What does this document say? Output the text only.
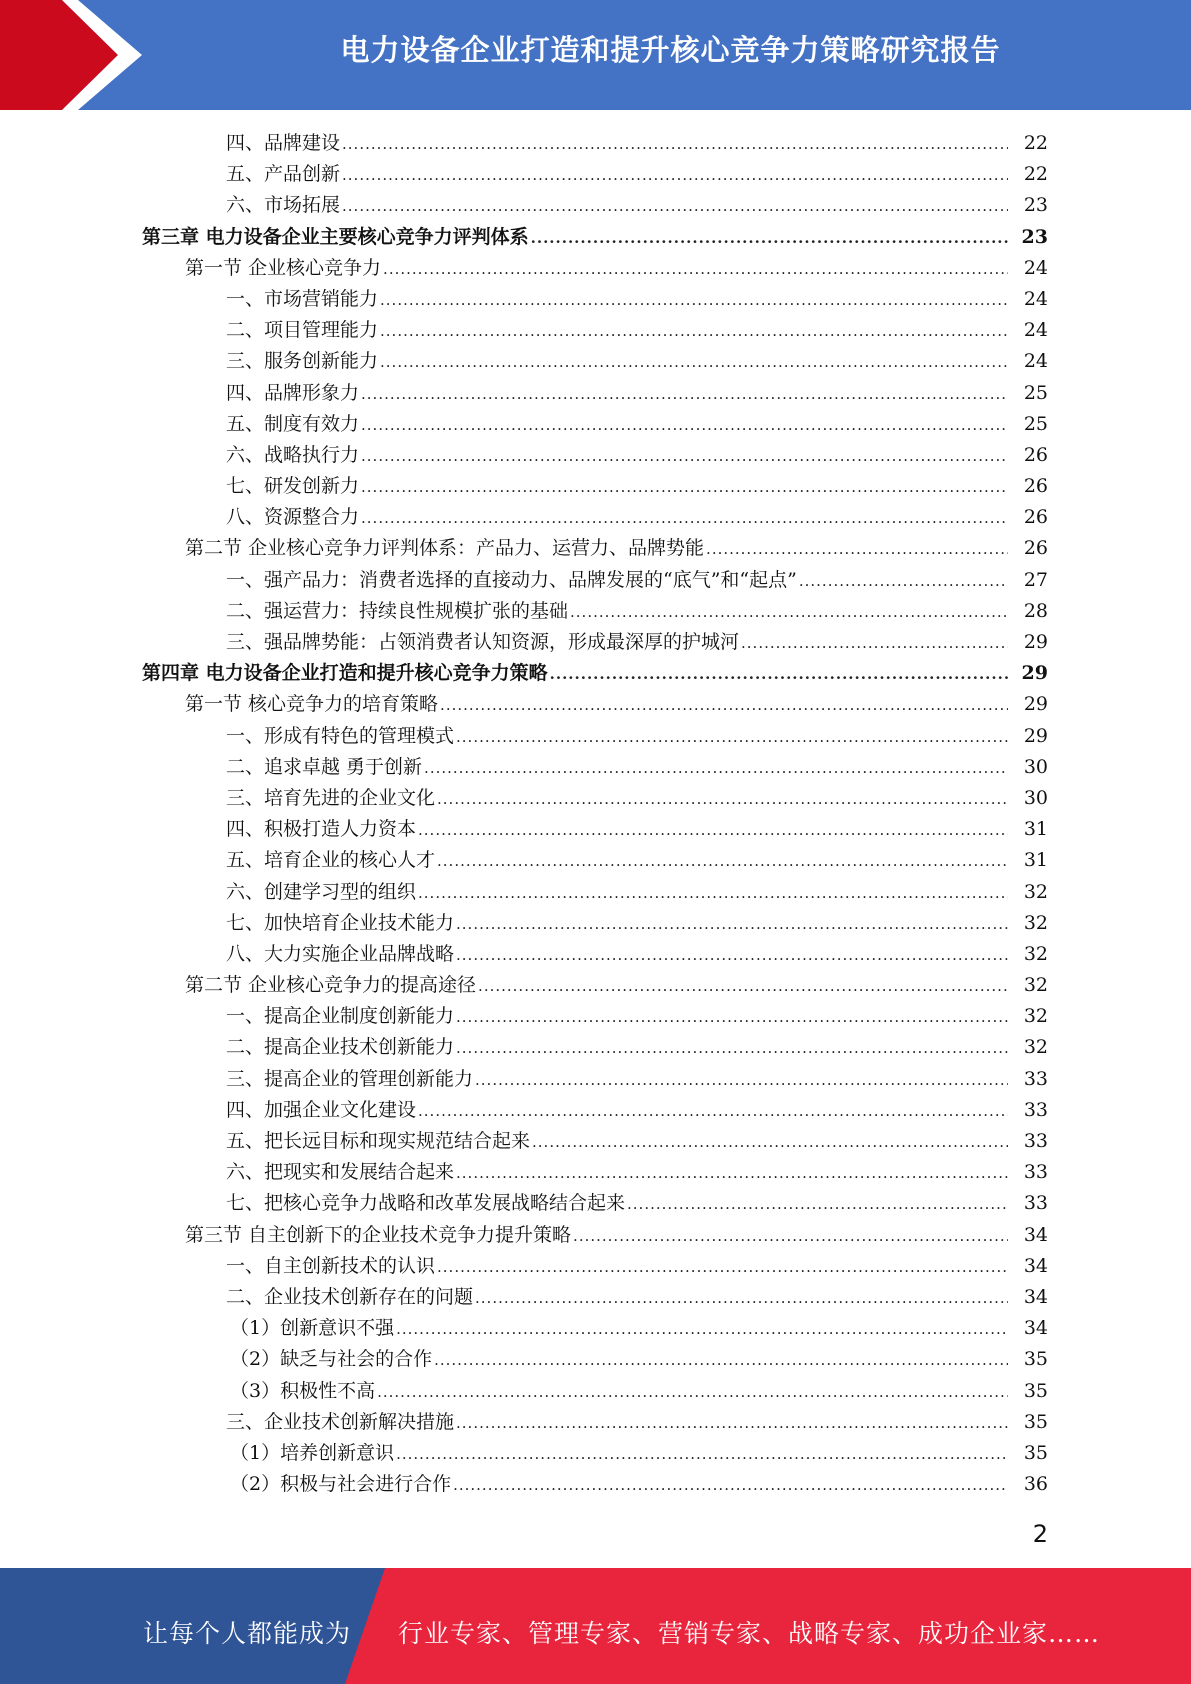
电力设备企业打造和提升核心竞争力策略研究报告
四、品牌建设 .....	22
五、产品创新 .....	22
六、市场拓展 .....	23
第三章 电力设备企业主要核心竞争力评判体系 .....	23
第一节 企业核心竞争力 .....	24
一、市场营销能力 .....	24
二、项目管理能力 .....	24
三、服务创新能力 .....	24
四、品牌形象力 .....	25
五、制度有效力 .....	25
六、战略执行力 .....	26
七、研发创新力 .....	26
八、资源整合力 .....	26
第二节 企业核心竞争力评判体系：产品力、运营力、品牌势能 .....	26
一、强产品力：消费者选择的直接动力、品牌发展的“底气”和“起点” .....	27
二、强运营力：持续良性规模扩张的基础 .....	28
三、强品牌势能：占领消费者认知资源，形成最深厚的护城河 .....	29
第四章 电力设备企业打造和提升核心竞争力策略 .....	29
第一节 核心竞争力的培育策略 .....	29
一、形成有特色的管理模式 .....	29
二、追求卓越 勇于创新 .....	30
三、培育先进的企业文化 .....	30
四、积极打造人力资本 .....	31
五、培育企业的核心人才 .....	31
六、创建学习型的组织 .....	32
七、加快培育企业技术能力 .....	32
八、大力实施企业品牌战略 .....	32
第二节 企业核心竞争力的提高途径 .....	32
一、提高企业制度创新能力 .....	32
二、提高企业技术创新能力 .....	32
三、提高企业的管理创新能力 .....	33
四、加强企业文化建设 .....	33
五、把长远目标和现实规范结合起来 .....	33
六、把现实和发展结合起来 .....	33
七、把核心竞争力战略和改革发展战略结合起来 .....	33
第三节 自主创新下的企业技术竞争力提升策略 .....	34
一、自主创新技术的认识 .....	34
二、企业技术创新存在的问题 .....	34
（1）创新意识不强 .....	34
（2）缺乏与社会的合作 .....	35
（3）积极性不高 .....	35
三、企业技术创新解决措施 .....	35
（1）培养创新意识 .....	35
（2）积极与社会进行合作 .....	36
2
让每个人都能成为 行业专家、管理专家、营销专家、战略专家、成功企业家……
